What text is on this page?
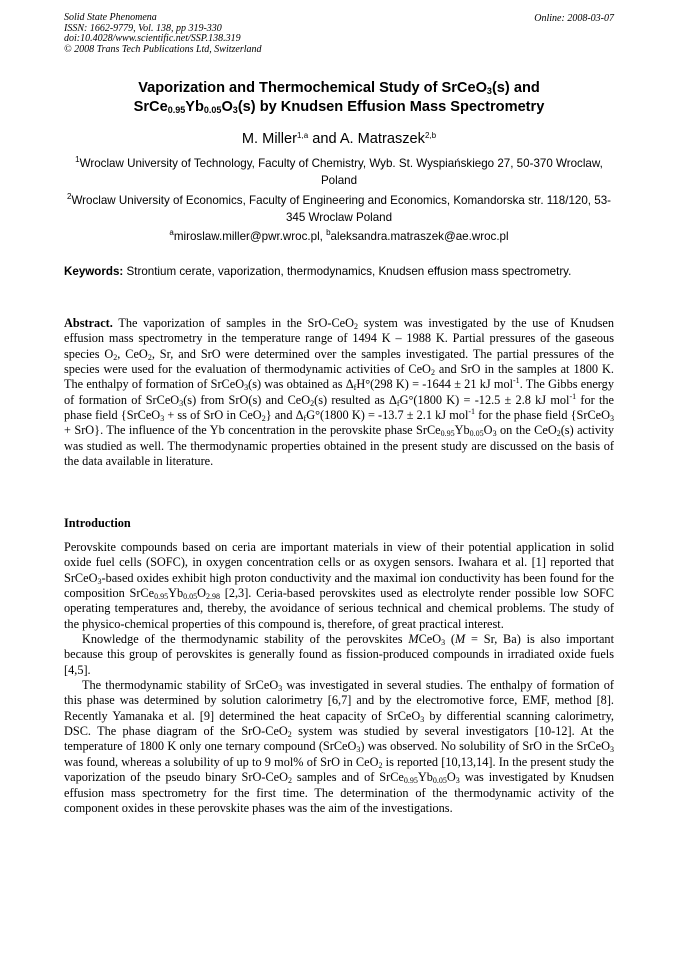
Solid State Phenomena
ISSN: 1662-9779, Vol. 138, pp 319-330
doi:10.4028/www.scientific.net/SSP.138.319
© 2008 Trans Tech Publications Ltd, Switzerland
Online: 2008-03-07
Vaporization and Thermochemical Study of SrCeO$_3$(s) and
$SrCe_{0.95}Yb_{0.05}O_3(s)$ by Knudsen Effusion Mass Spectrometry
M. Miller$^{1,a}$ and A. Matraszek$^{2,b}$
$^1$Wroclaw University of Technology, Faculty of Chemistry, Wyb. St. Wyspiańskiego 27, 50-370 Wroclaw, Poland
$^2$Wroclaw University of Economics, Faculty of Engineering and Economics, Komandorska str. 118/120, 53-345 Wroclaw Poland
$^a$miroslaw.miller@pwr.wroc.pl, $^b$aleksandra.matraszek@ae.wroc.pl
Keywords: Strontium cerate, vaporization, thermodynamics, Knudsen effusion mass spectrometry.

Abstract. The vaporization of samples in the SrO-CeO$_2$ system was investigated by the use of Knudsen effusion mass spectrometry in the temperature range of 1494 K – 1988 K. Partial pressures of the gaseous species $O_2$, CeO$_2$, Sr, and SrO were determined over the samples investigated. The partial pressures of the species were used for the evaluation of thermodynamic activities of CeO$_2$ and SrO in the samples at 1800 K. The enthalpy of formation of SrCeO$_3$(s) was obtained as $\Delta_fH^\circ(298$ K) = -1644 ± 21 kJ mol$^{-1}$. The Gibbs energy of formation of SrCeO$_3$(s) from SrO(s) and CeO$_2$(s) resulted as $\Delta_fG^\circ(1800$ K) = -12.5 ± 2.8 kJ mol$^{-1}$ for the phase field {SrCeO$_3$ + ss of SrO in CeO$_2$} and $\Delta_fG^\circ(1800$ K) = -13.7 ± 2.1 kJ mol$^{-1}$ for the phase field {SrCeO$_3$ + SrO}. The influence of the Yb concentration in the perovskite phase $SrCe_{0.95}Yb_{0.05}O_3$ on the CeO$_2$(s) activity was studied as well. The thermodynamic properties obtained in the present study are discussed on the basis of the data available in literature.

Introduction

Perovskite compounds based on ceria are important materials in view of their potential application in solid oxide fuel cells (SOFC), in oxygen concentration cells or as oxygen sensors. Iwahara et al. [1] reported that SrCeO$_3$-based oxides exhibit high proton conductivity and the maximal ion conductivity has been found for the composition $SrCe_{0.95}Yb_{0.05}O_{2.98}$ [2,3]. Ceria-based perovskites used as electrolyte render possible low SOFC operating temperatures and, thereby, the avoidance of serious technical and chemical problems. The study of the physico-chemical properties of this compound is, therefore, of great practical interest.

Knowledge of the thermodynamic stability of the perovskites MCeO$_3$ (M = Sr, Ba) is also important because this group of perovskites is generally found as fission-produced compounds in irradiated oxide fuels [4,5].

The thermodynamic stability of SrCeO$_3$ was investigated in several studies. The enthalpy of formation of this phase was determined by solution calorimetry [6,7] and by the electromotive force, EMF, method [8]. Recently Yamanaka et al. [9] determined the heat capacity of SrCeO$_3$ by differential scanning calorimetry, DSC. The phase diagram of the SrO-CeO$_2$ system was studied by several investigators [10-12]. At the temperature of 1800 K only one ternary compound (SrCeO$_3$) was observed. No solubility of SrO in the SrCeO$_3$ was found, whereas a solubility of up to 9 mol% of SrO in CeO$_2$ is reported [10,13,14]. In the present study the vaporization of the pseudo binary SrO-CeO$_2$ samples and of $SrCe_{0.95}Yb_{0.05}O_3$ was investigated by Knudsen effusion mass spectrometry for the first time. The determination of the thermodynamic activity of the component oxides in these perovskite phases was the aim of the investigations.
